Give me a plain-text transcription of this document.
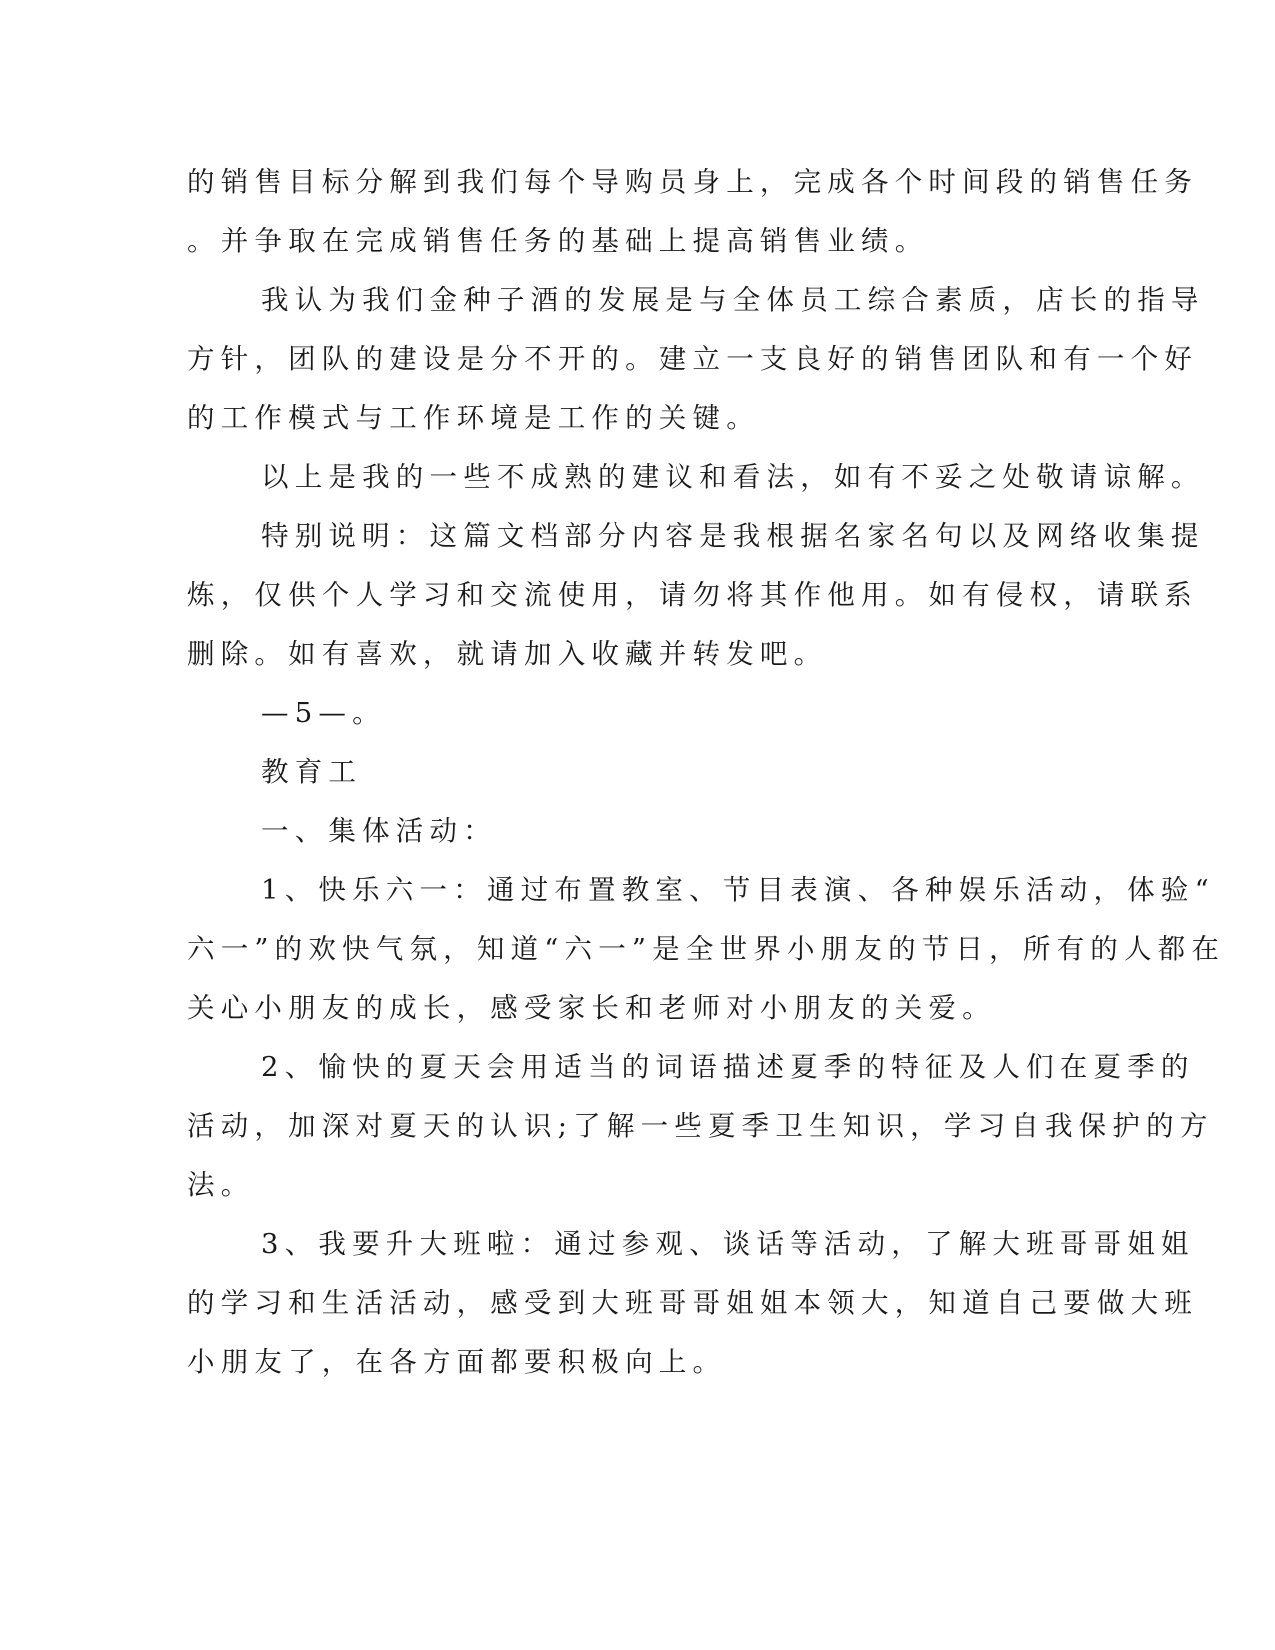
的销售目标分解到我们每个导购员身上，完成各个时间段的销售任务
。并争取在完成销售任务的基础上提高销售业绩。
我认为我们金种子酒的发展是与全体员工综合素质，店长的指导
方针，团队的建设是分不开的。建立一支良好的销售团队和有一个好
的工作模式与工作环境是工作的关键。
以上是我的一些不成熟的建议和看法，如有不妥之处敬请谅解。
特别说明：这篇文档部分内容是我根据名家名句以及网络收集提
炼，仅供个人学习和交流使用，请勿将其作他用。如有侵权，请联系
删除。如有喜欢，就请加入收藏并转发吧。
—5—。
教育工
一、集体活动：
1、快乐六一：通过布置教室、节目表演、各种娱乐活动，体验“
六一”的欢快气氛，知道“六一”是全世界小朋友的节日，所有的人都在
关心小朋友的成长，感受家长和老师对小朋友的关爱。
2、愉快的夏天会用适当的词语描述夏季的特征及人们在夏季的
活动，加深对夏天的认识;了解一些夏季卫生知识，学习自我保护的方
法。
3、我要升大班啦：通过参观、谈话等活动，了解大班哥哥姐姐
的学习和生活活动，感受到大班哥哥姐姐本领大，知道自己要做大班
小朋友了，在各方面都要积极向上。
